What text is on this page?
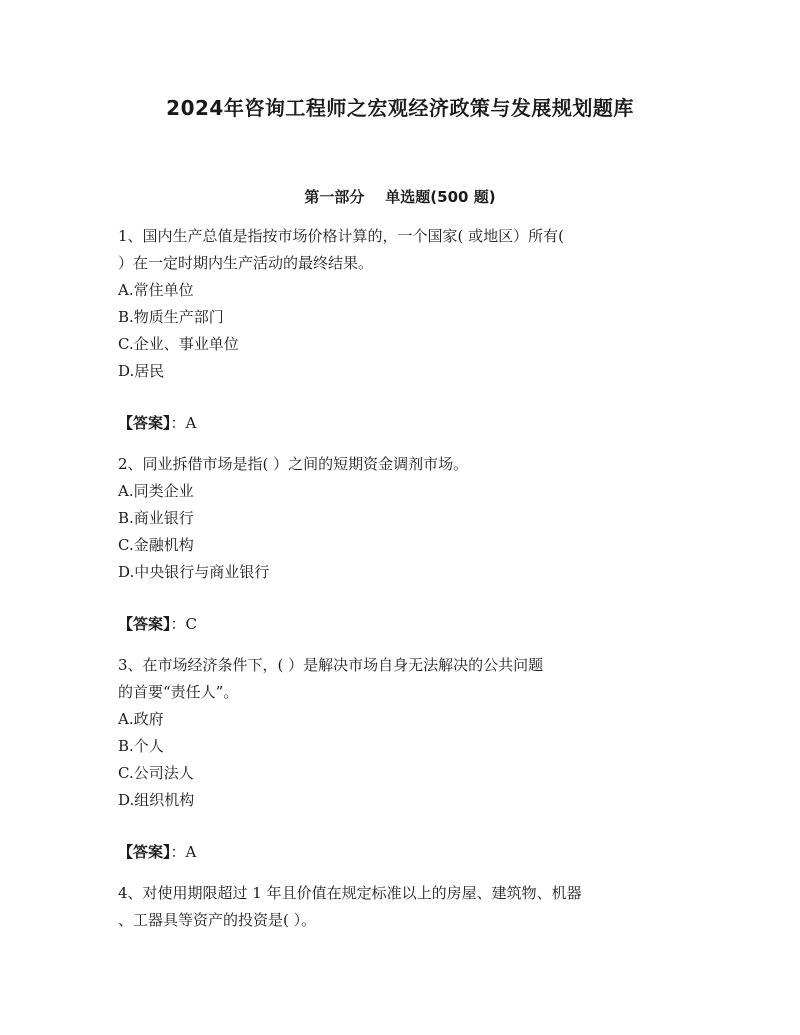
2024年咨询工程师之宏观经济政策与发展规划题库
第一部分    单选题(500 题)
1、国内生产总值是指按市场价格计算的，一个国家( 或地区）所有(
）在一定时期内生产活动的最终结果。
A.常住单位
B.物质生产部门
C.企业、事业单位
D.居民
【答案】：A
2、同业拆借市场是指( ）之间的短期资金调剂市场。
A.同类企业
B.商业银行
C.金融机构
D.中央银行与商业银行
【答案】：C
3、在市场经济条件下，( ）是解决市场自身无法解决的公共问题
的首要“责任人”。
A.政府
B.个人
C.公司法人
D.组织机构
【答案】：A
4、对使用期限超过 1 年且价值在规定标准以上的房屋、建筑物、机器
、工器具等资产的投资是( ）。
